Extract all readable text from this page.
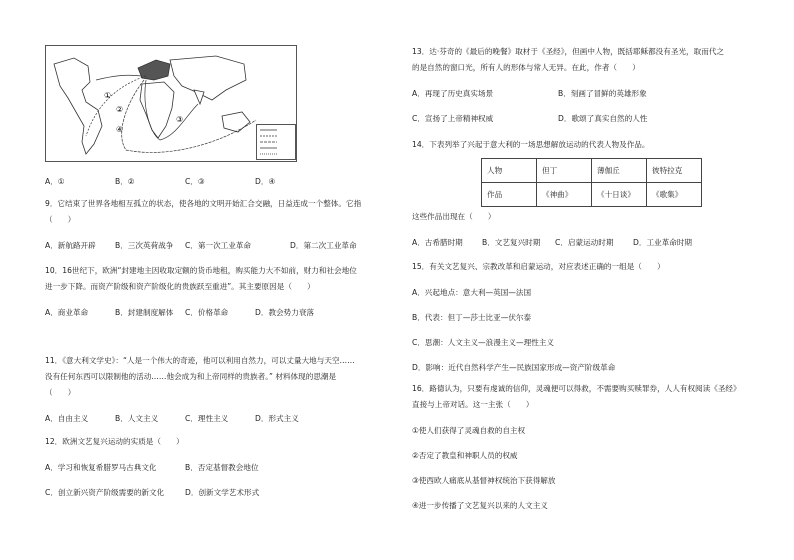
①
②
③
④
A．①	B．②	C．③	D．④
9．它结束了世界各地相互孤立的状态，使各地的文明开始汇合交融，日益连成一个整体。它指
（　　）
A．新航路开辟	B．三次英荷战争 C．第一次工业革命	D．第二次工业革命
10．16世纪下，欧洲“封建地主因收取定额的货币地租，购买能力大不如前，财力和社会地位
进一步下降。而资产阶级和资产阶级化的贵族跃至重进”。其主要原因是（　　）
A．商业革命	B．封建制度解体 C．价格革命	D．教会势力衰落
11．《意大利文学史》：“人是一个伟大的奇迹，他可以利用自然力，可以丈量大地与天空……
没有任何东西可以限制他的活动……他会成为和上帝同样的贵族者。” 材料体现的思潮是
（　　）
A．自由主义	B．人文主义	C．理性主义	D．形式主义
12．欧洲文艺复兴运动的实质是（　　）
A．学习和恢复希腊罗马古典文化	B．否定基督教会地位
C．创立新兴资产阶级需要的新文化	D．创新文学艺术形式
13．达·芬奇的《最后的晚餐》取材于《圣经》，但画中人物，既括耶稣都没有圣光，取而代之
的是自然的窗口光，所有人的形体与常人无异。在此，作者（　　）
A．再现了历史真实场景	B．刻画了冒鲜的英雄形象
C．宣扬了上帝精神权威	D．歌颂了真实自然的人性
14．下表列举了兴起于意大利的一场思想解放运动的代表人物及作品。
人物	但丁	薄伽丘	彼特拉克
作品	《神曲》	《十日谈》	《歌集》
这些作品出现在（　　）
A．古希腊时期	B．文艺复兴时期 C．启蒙运动时期	D．工业革命时期
15．有关文艺复兴、宗教改革和启蒙运动，对应表述正确的一组是（　　）
A．兴起地点：意大利—英国—法国
B．代表：但丁—莎士比亚—伏尔泰
C．思潮：人文主义—浪漫主义—理性主义
D．影响：近代自然科学产生—民族国家形成—资产阶级革命
16．路德认为，只要有虔诚的信仰，灵魂便可以得救，不需要购买赎罪券，人人有权阅读《圣经》
直接与上帝对话。这一主张（　　）
①使人们获得了灵魂自救的自主权
②否定了教皇和神职人员的权威
③使西欧人痛底从基督神权统治下获得解放
④进一步传播了文艺复兴以来的人文主义
